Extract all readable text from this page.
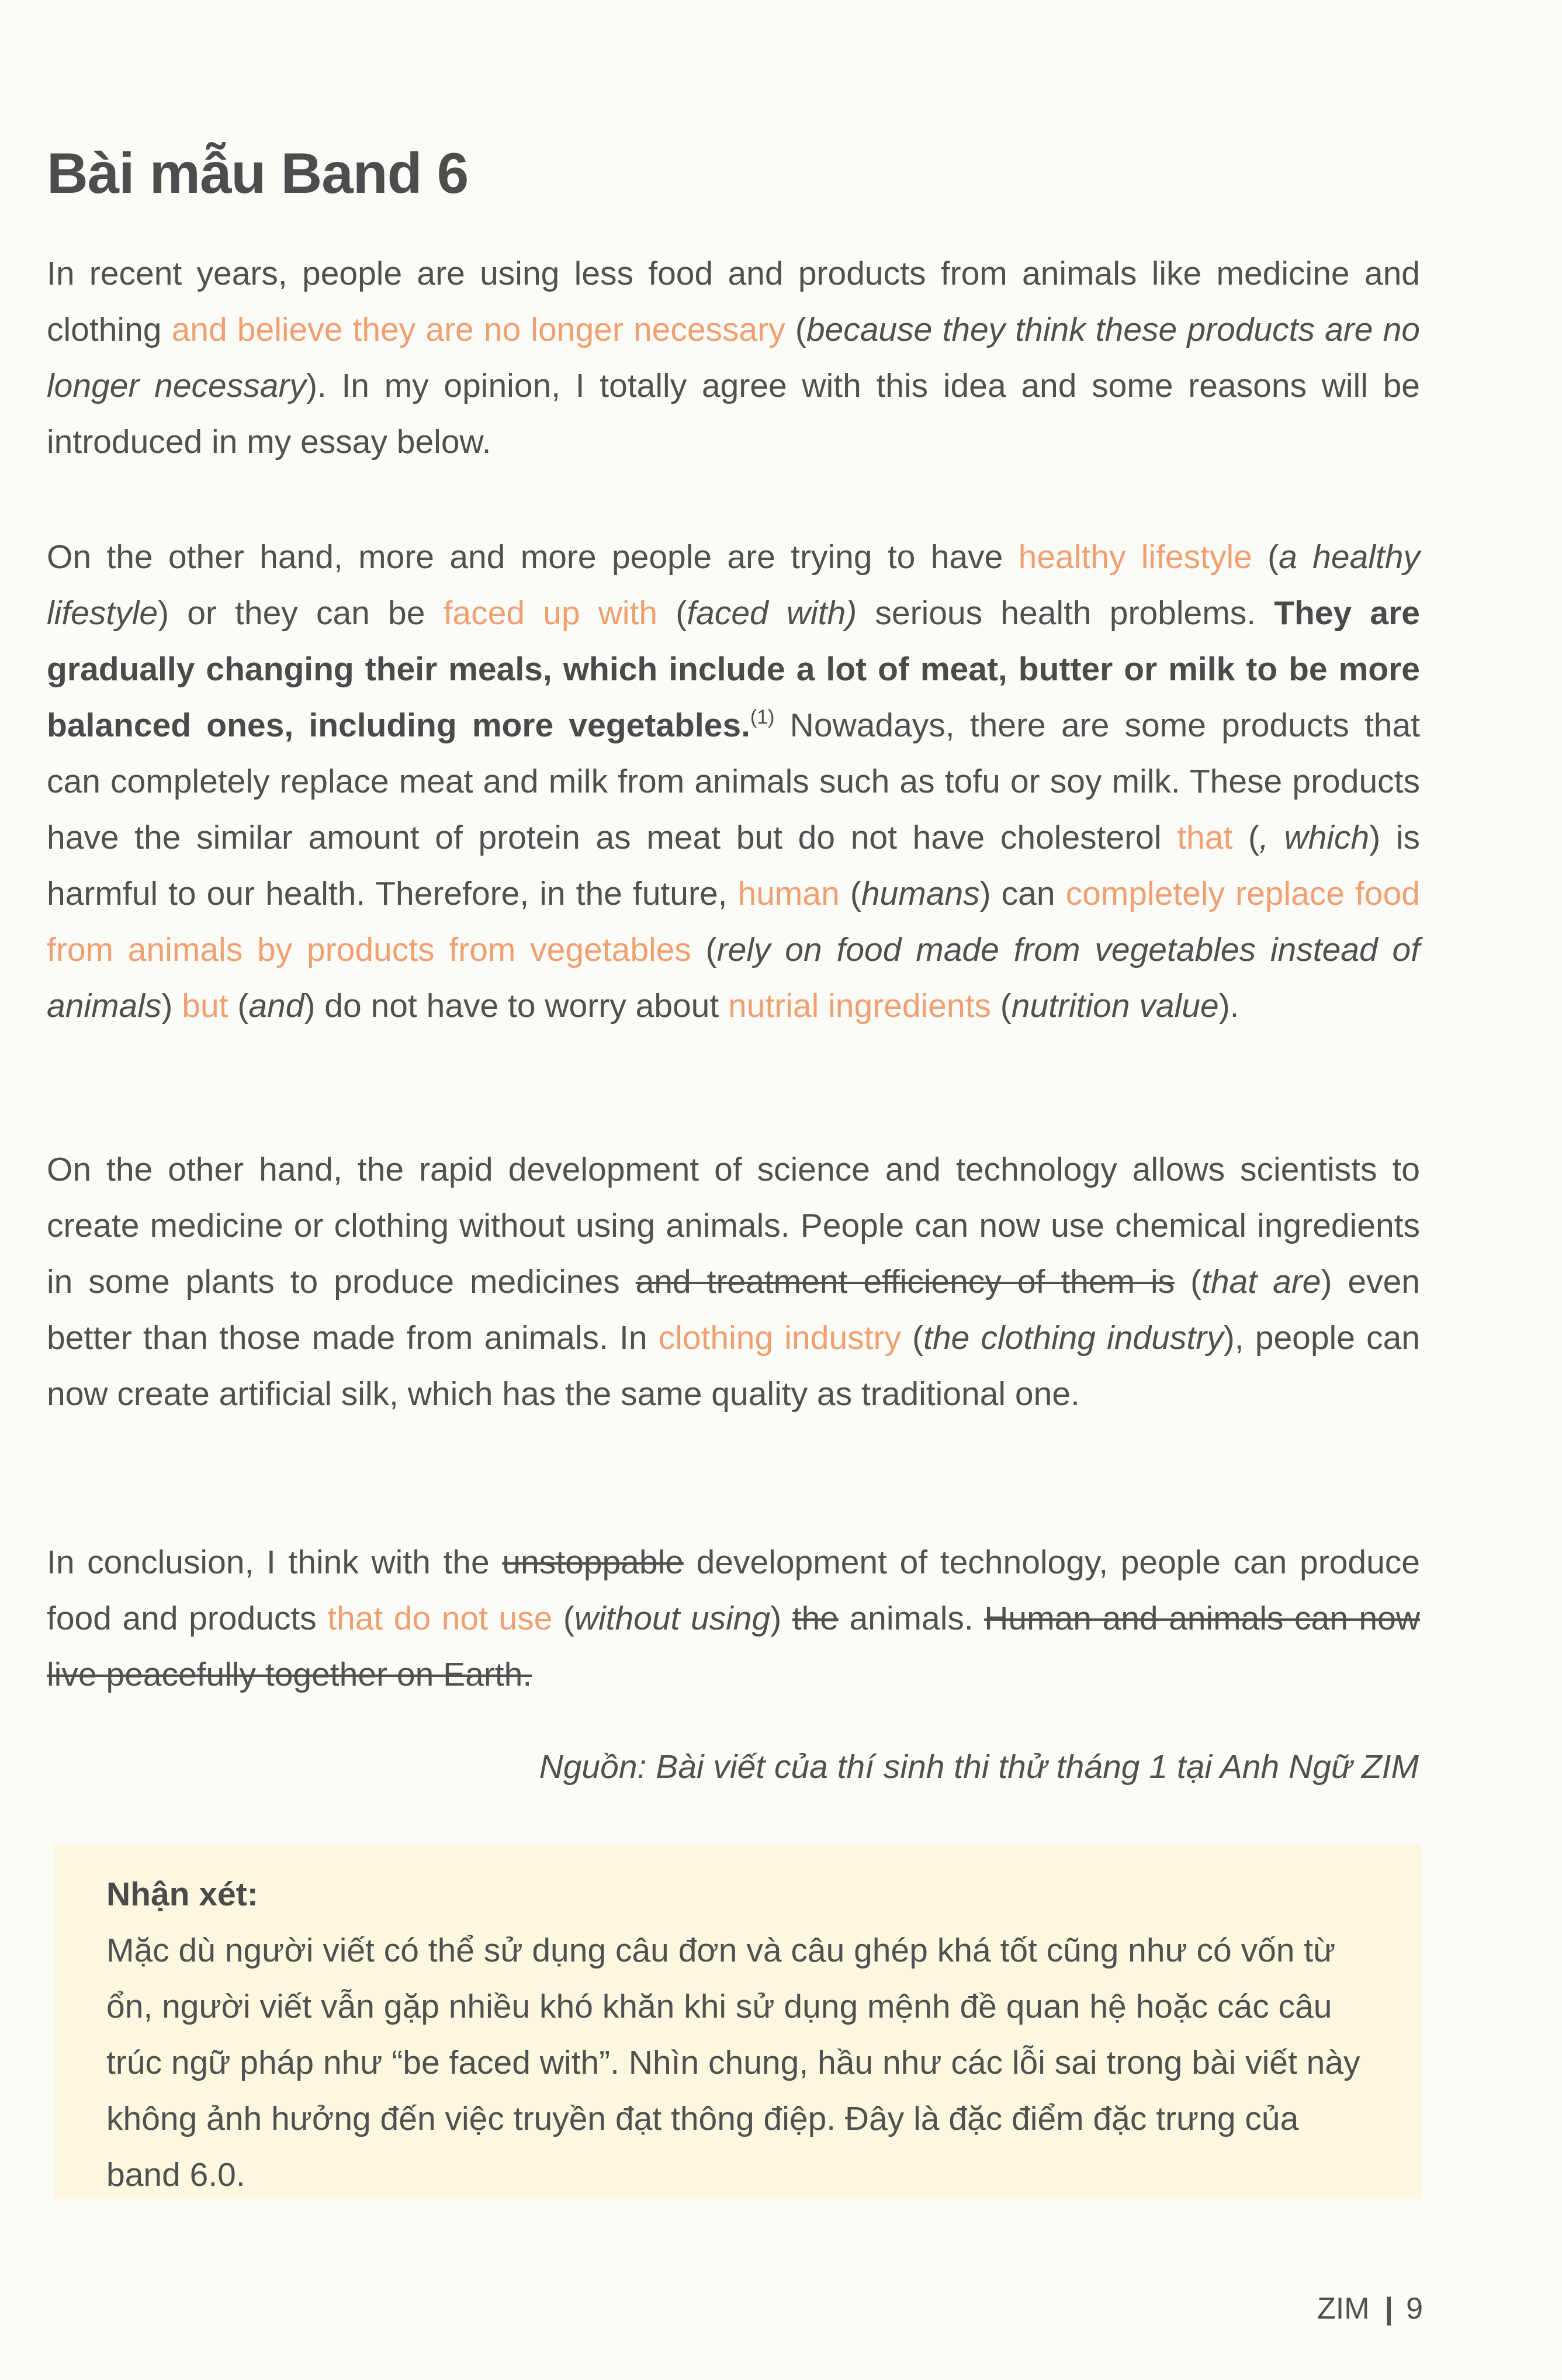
Bài mẫu Band 6

In recent years, people are using less food and products from animals like medicine and clothing and believe they are no longer necessary (because they think these products are no longer necessary). In my opinion, I totally agree with this idea and some reasons will be introduced in my essay below.

On the other hand, more and more people are trying to have healthy lifestyle (a healthy lifestyle) or they can be faced up with (faced with) serious health problems. They are gradually changing their meals, which include a lot of meat, butter or milk to be more balanced ones, including more vegetables.$^{(1)}$ Nowadays, there are some products that can completely replace meat and milk from animals such as tofu or soy milk. These products have the similar amount of protein as meat but do not have cholesterol that (, which) is harmful to our health. Therefore, in the future, human (humans) can completely replace food from animals by products from vegetables (rely on food made from vegetables instead of animals) but (and) do not have to worry about nutrial ingredients (nutrition value).

On the other hand, the rapid development of science and technology allows scientists to create medicine or clothing without using animals. People can now use chemical ingredients in some plants to produce medicines and treatment efficiency of them is (that are) even better than those made from animals. In clothing industry (the clothing industry), people can now create artificial silk, which has the same quality as traditional one.

In conclusion, I think with the unstoppable development of technology, people can produce food and products that do not use (without using) the animals. Human and animals can now live peacefully together on Earth.

Nguồn: Bài viết của thí sinh thi thử tháng 1 tại Anh Ngữ ZIM

Nhận xét:

Mặc dù người viết có thể sử dụng câu đơn và câu ghép khá tốt cũng như có vốn từ ổn, người viết vẫn gặp nhiều khó khăn khi sử dụng mệnh đề quan hệ hoặc các câu trúc ngữ pháp như “be faced with”. Nhìn chung, hầu như các lỗi sai trong bài viết này không ảnh hưởng đến việc truyền đạt thông điệp. Đây là đặc điểm đặc trưng của band 6.0.

ZIM | 9
